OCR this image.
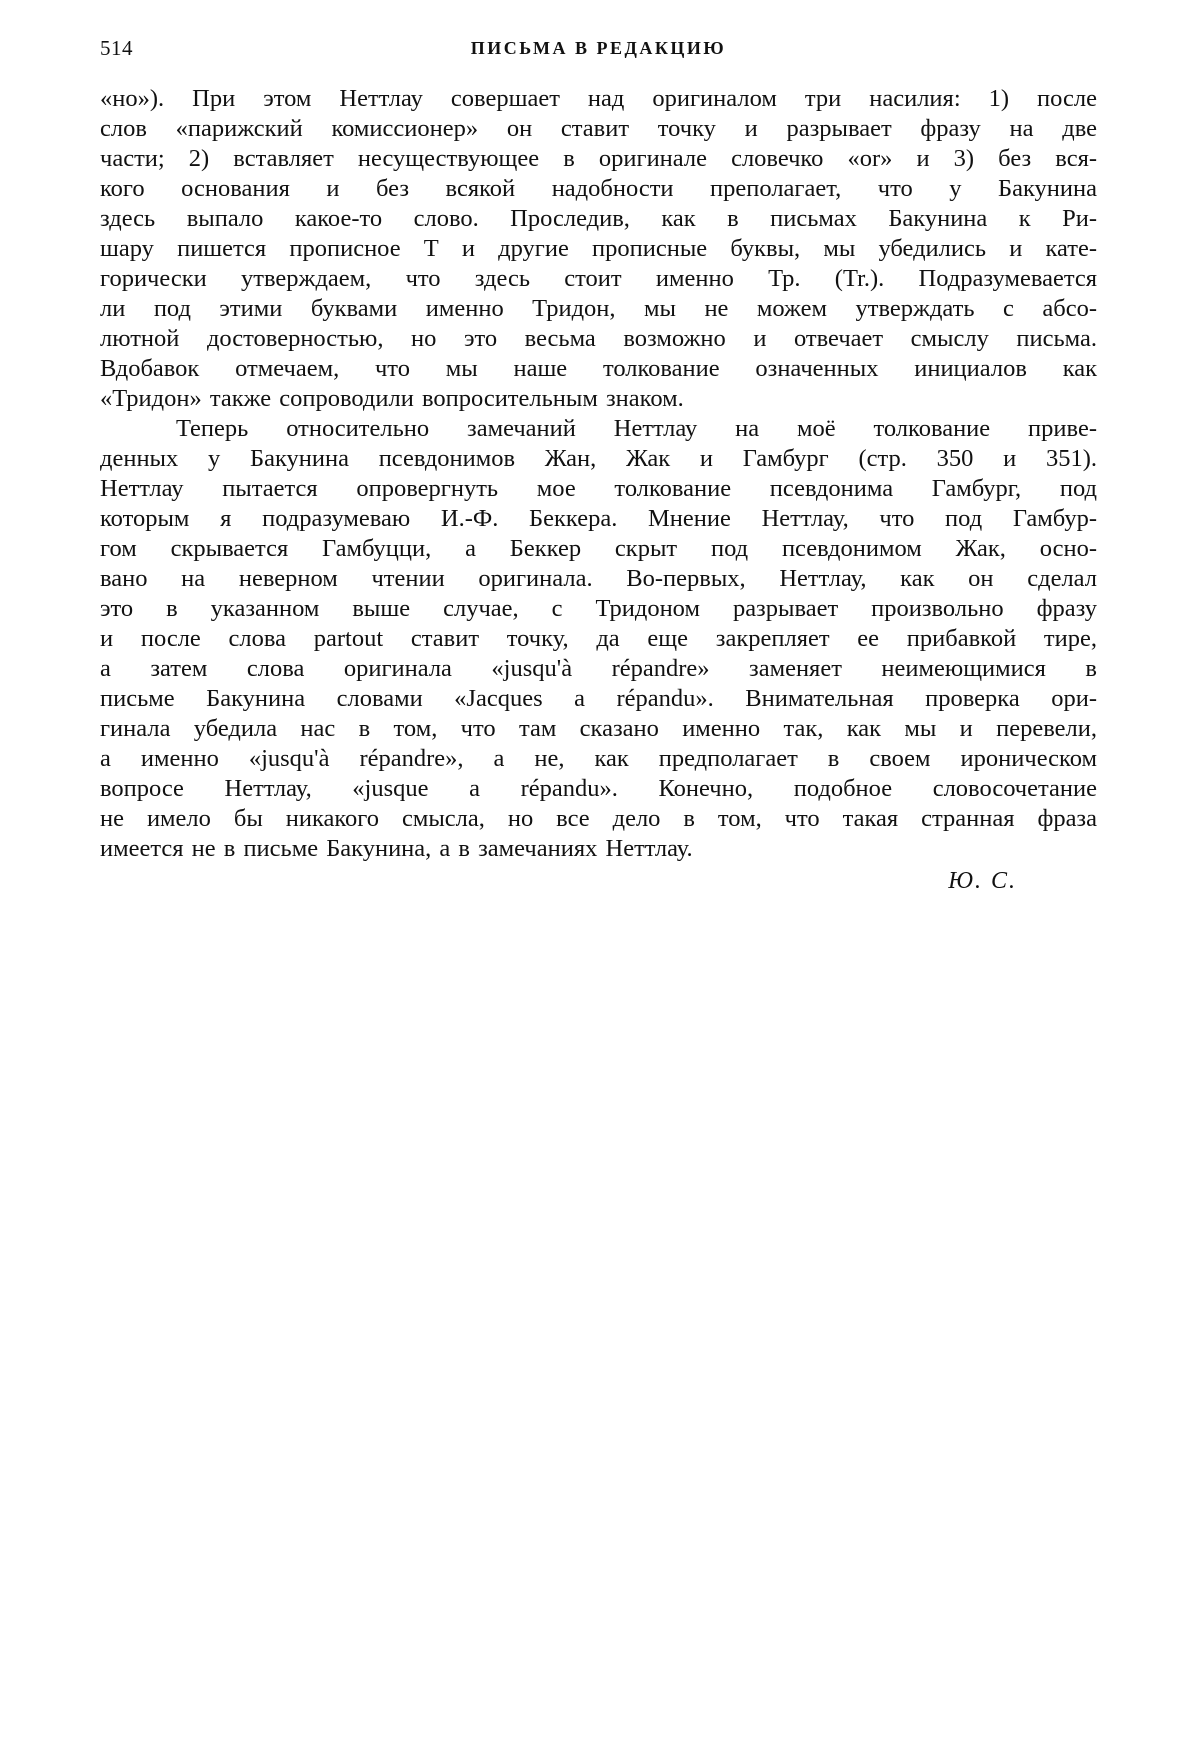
514	ПИСЬМА В РЕДАКЦИЮ
«но»). При этом Неттлау совершает над оригиналом три насилия: 1) после
слов «парижский комиссионер» он ставит точку и разрывает фразу на две
части; 2) вставляет несуществующее в оригинале словечко «or» и 3) без вся-
кого основания и без всякой надобности преполагает, что у Бакунина
здесь выпало какое-то слово. Проследив, как в письмах Бакунина к Ри-
шару пишется прописное Т и другие прописные буквы, мы убедились и кате-
горически утверждаем, что здесь стоит именно Тр. (Tr.). Подразумевается
ли под этими буквами именно Тридон, мы не можем утверждать с абсо-
лютной достоверностью, но это весьма возможно и отвечает смыслу письма.
Вдобавок отмечаем, что мы наше толкование означенных инициалов как
«Тридон» также сопроводили вопросительным знаком.
Теперь относительно замечаний Неттлау на моё толкование приве-
денных у Бакунина псевдонимов Жан, Жак и Гамбург (стр. 350 и 351).
Неттлау пытается опровергнуть мое толкование псевдонима Гамбург, под
которым я подразумеваю И.-Ф. Беккера. Мнение Неттлау, что под Гамбур-
гом скрывается Гамбуцци, а Беккер скрыт под псевдонимом Жак, осно-
вано на неверном чтении оригинала. Во-первых, Неттлау, как он сделал
это в указанном выше случае, с Тридоном разрывает произвольно фразу
и после слова partout ставит точку, да еще закрепляет ее прибавкой тире,
а затем слова оригинала «jusqu'à répandre» заменяет неимеющимися в
письме Бакунина словами «Jacques a répandu». Внимательная проверка ори-
гинала убедила нас в том, что там сказано именно так, как мы и перевели,
а именно «jusqu'à répandre», а не, как предполагает в своем ироническом
вопросе Неттлау, «jusque a répandu». Конечно, подобное словосочетание
не имело бы никакого смысла, но все дело в том, что такая странная фраза
имеется не в письме Бакунина, а в замечаниях Неттлау.
Ю. С.
